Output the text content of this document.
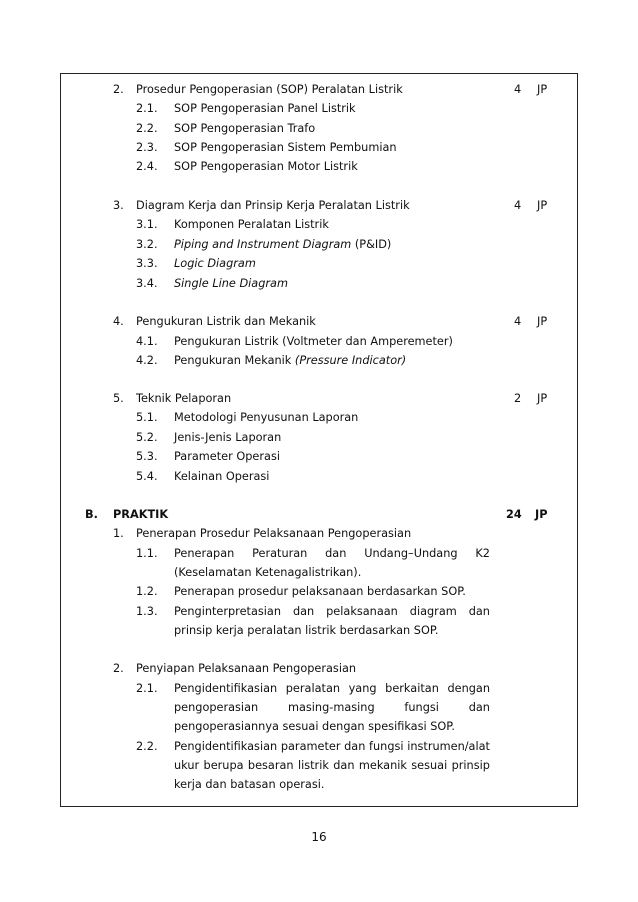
2. Prosedur Pengoperasian (SOP) Peralatan Listrik	4 JP
2.1. SOP Pengoperasian Panel Listrik
2.2. SOP Pengoperasian Trafo
2.3. SOP Pengoperasian Sistem Pembumian
2.4. SOP Pengoperasian Motor Listrik
3. Diagram Kerja dan Prinsip Kerja Peralatan Listrik	4 JP
3.1. Komponen Peralatan Listrik
3.2. Piping and Instrument Diagram (P&ID)
3.3. Logic Diagram
3.4. Single Line Diagram
4. Pengukuran Listrik dan Mekanik	4 JP
4.1. Pengukuran Listrik (Voltmeter dan Amperemeter)
4.2. Pengukuran Mekanik (Pressure Indicator)
5. Teknik Pelaporan	2 JP
5.1. Metodologi Penyusunan Laporan
5.2. Jenis-Jenis Laporan
5.3. Parameter Operasi
5.4. Kelainan Operasi
B. PRAKTIK	24 JP
1. Penerapan Prosedur Pelaksanaan Pengoperasian
1.1. Penerapan Peraturan dan Undang–Undang K2
(Keselamatan Ketenagalistrikan).
1.2. Penerapan prosedur pelaksanaan berdasarkan SOP.
1.3. Penginterpretasian dan pelaksanaan diagram dan
prinsip kerja peralatan listrik berdasarkan SOP.
2. Penyiapan Pelaksanaan Pengoperasian
2.1. Pengidentifikasian peralatan yang berkaitan dengan
pengoperasian	masing-masing	fungsi	dan
pengoperasiannya sesuai dengan spesifikasi SOP.
2.2. Pengidentifikasian parameter dan fungsi instrumen/alat
ukur berupa besaran listrik dan mekanik sesuai prinsip
kerja dan batasan operasi.
16
